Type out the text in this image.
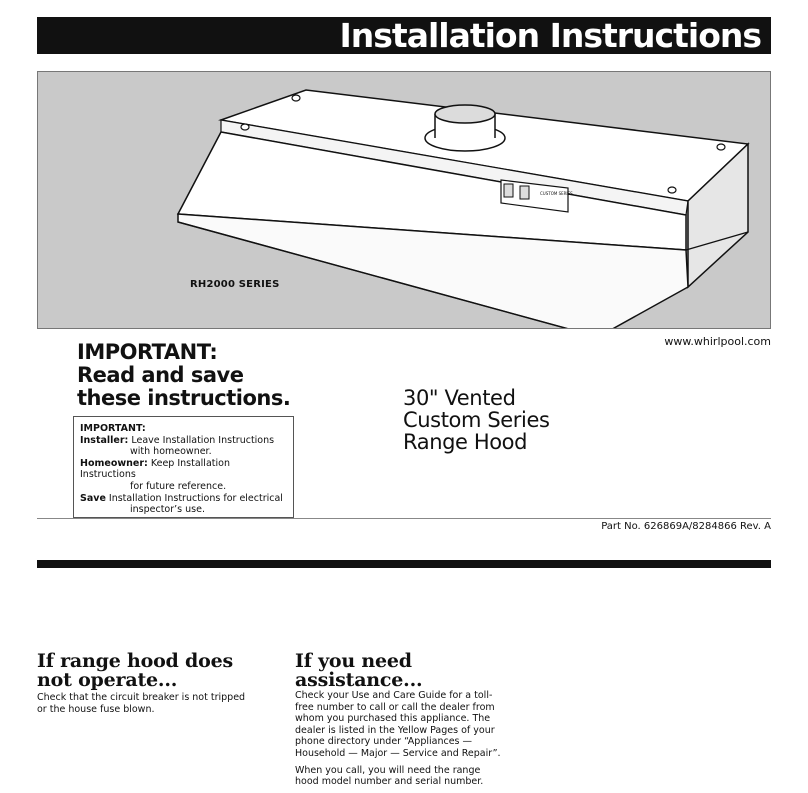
Installation Instructions
CUSTOM SERIES
RH2000 SERIES
www.whirlpool.com
IMPORTANT:
Read and save
these instructions.	30" Vented
Custom Series
Range Hood
IMPORTANT:
Installer: Leave Installation Instructions
with homeowner.
Homeowner: Keep Installation Instructions
for future reference.
Save Installation Instructions for electrical
inspector’s use.
Part No. 626869A/8284866 Rev. A
If range hood does
not operate...
Check that the circuit breaker is not tripped
or the house fuse blown.
If you need
assistance...
Check your Use and Care Guide for a toll-
free number to call or call the dealer from
whom you purchased this appliance. The
dealer is listed in the Yellow Pages of your
phone directory under “Appliances —
Household — Major — Service and Repair”.
When you call, you will need the range
hood model number and serial number.
